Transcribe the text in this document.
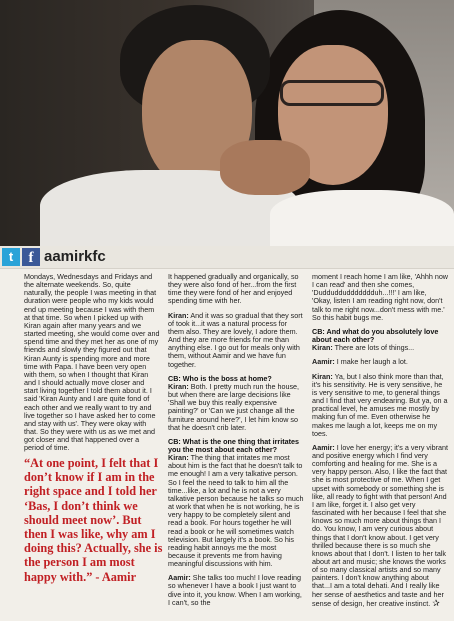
t	f aamirkfc

Mondays, Wednesdays and Fridays and the alternate weekends. So, quite naturally, the people I was meeting in that duration were people who my kids would end up meeting because I was with them at that time. So when I picked up with Kiran again after many years and we started meeting, she would come over and spend time and they met her as one of my friends and slowly they figured out that Kiran Aunty is spending more and more time with Papa. I have been very open with them, so when I thought that Kiran and I should actually move closer and start living together I told them about it. I said 'Kiran Aunty and I are quite fond of each other and we really want to try and live together so I have asked her to come and stay with us'. They were okay with that. So they were with us as we met and got closer and that happened over a period of time.

“At one point, I felt that I don’t know if I am in the right space and I told her ‘Bas, I don’t think we should meet now’. But then I was like, why am I doing this? Actually, she is the person I am most happy with.” - Aamir

It happened gradually and organically, so they were also fond of her...from the first time they were fond of her and enjoyed spending time with her.

Kiran: And it was so gradual that they sort of took it...it was a natural process for them also. They are lovely, I adore them. And they are more friends for me than anything else. I go out for meals only with them, without Aamir and we have fun together.

CB: Who is the boss at home?

Kiran: Both. I pretty much run the house, but when there are large decisions like 'Shall we buy this really expensive painting?' or 'Can we just change all the furniture around here?', I let him know so that he doesn't crib later.

CB: What is the one thing that irritates you the most about each other?

Kiran: The thing that irritates me most about him is the fact that he doesn't talk to me enough! I am a very talkative person. So I feel the need to talk to him all the time...like, a lot and he is not a very talkative person because he talks so much at work that when he is not working, he is very happy to be completely silent and read a book. For hours together he will read a book or he will sometimes watch television. But largely it's a book. So his reading habit annoys me the most because it prevents me from having meaningful discussions with him.

Aamir: She talks too much! I love reading so whenever I have a book I just want to dive into it, you know. When I am working, I can't, so the

moment I reach home I am like, 'Ahhh now I can read' and then she comes, 'Duddudduddddddduh...!!!' I am like, 'Okay, listen I am reading right now, don't talk to me right now...don't mess with me.' So this habit bugs me.

CB: And what do you absolutely love about each other?

Kiran: There are lots of things...

Aamir: I make her laugh a lot.

Kiran: Ya, but I also think more than that, it's his sensitivity. He is very sensitive, he is very sensitive to me, to general things and I find that very endearing. But ya, on a practical level, he amuses me mostly by making fun of me. Even otherwise he makes me laugh a lot, keeps me on my toes.

Aamir: I love her energy; it's a very vibrant and positive energy which I find very comforting and healing for me. She is a very happy person. Also, I like the fact that she is most protective of me. When I get upset with somebody or something she is like, all ready to fight with that person! And I am like, forget it. I also get very fascinated with her because I feel that she knows so much more about things than I do. You know, I am very curious about things that I don't know about. I get very thrilled because there is so much she knows about that I don't. I listen to her talk about art and music; she knows the works of so many classical artists and so many painters. I don't know anything about that...I am a total dehati. And I really like her sense of aesthetics and taste and her sense of design, her creative instinct. ✰
